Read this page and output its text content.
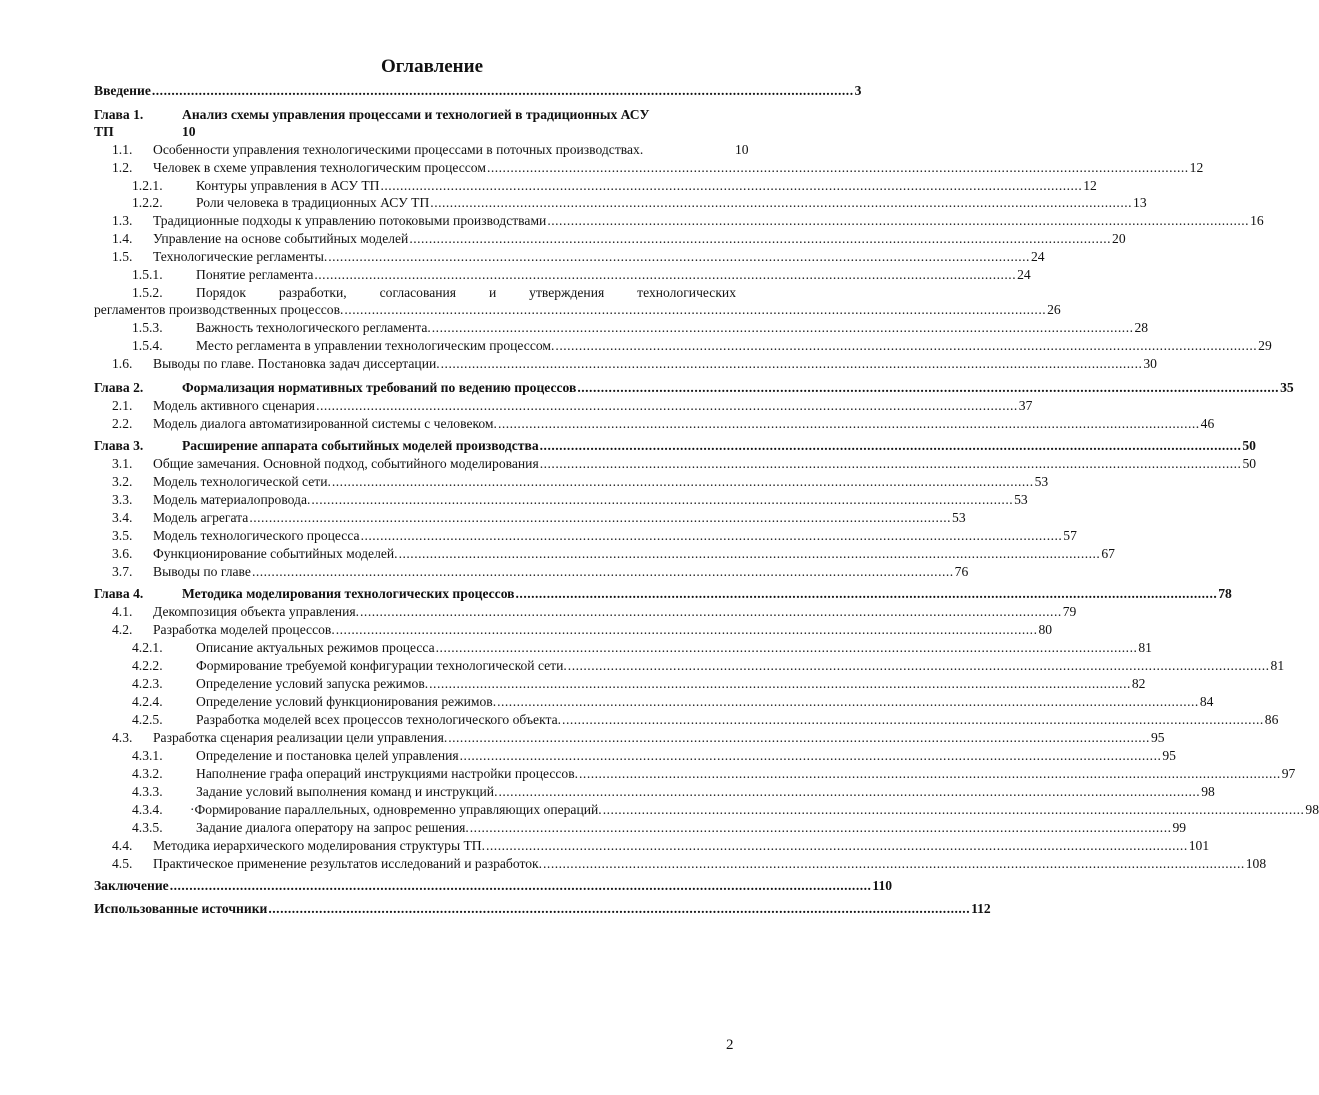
Оглавление
Введение .................................................................................................................................................................................... 3
Глава 1.	Анализ схемы управления процессами и технологией в традиционных АСУ
ТП	10
1.1. Особенности управления технологическими процессами в поточных производствах.	10
1.2. Человек в схеме управления технологическим процессом .................................................................................................................................................................................... 12
1.2.1. Контуры управления в АСУ ТП .................................................................................................................................................................................... 12
1.2.2. Роли человека в традиционных АСУ ТП .................................................................................................................................................................................... 13
1.3. Традиционные подходы к управлению потоковыми производствами .................................................................................................................................................................................... 16
1.4. Управление на основе событийных моделей .................................................................................................................................................................................... 20
1.5. Технологические регламенты. .................................................................................................................................................................................... 24
1.5.1. Понятие регламента .................................................................................................................................................................................... 24
1.5.2. Порядок разработки, согласования и утверждения технологических
регламентов производственных процессов. .................................................................................................................................................................................... 26
1.5.3. Важность технологического регламента. .................................................................................................................................................................................... 28
1.5.4. Место регламента в управлении технологическим процессом. .................................................................................................................................................................................... 29
1.6. Выводы по главе. Постановка задач диссертации. .................................................................................................................................................................................... 30
Глава 2.	Формализация нормативных требований по ведению процессов .................................................................................................................................................................................... 35
2.1. Модель активного сценария .................................................................................................................................................................................... 37
2.2. Модель диалога автоматизированной системы с человеком. .................................................................................................................................................................................... 46
Глава 3.	Расширение аппарата событийных моделей производства .................................................................................................................................................................................... 50
3.1. Общие замечания. Основной подход, событийного моделирования .................................................................................................................................................................................... 50
3.2. Модель технологической сети. .................................................................................................................................................................................... 53
3.3. Модель материалопровода. .................................................................................................................................................................................... 53
3.4. Модель агрегата .................................................................................................................................................................................... 53
3.5. Модель технологического процесса .................................................................................................................................................................................... 57
3.6. Функционирование событийных моделей. .................................................................................................................................................................................... 67
3.7. Выводы по главе .................................................................................................................................................................................... 76
Глава 4.	Методика моделирования технологических процессов .................................................................................................................................................................................... 78
4.1. Декомпозиция объекта управления. .................................................................................................................................................................................... 79
4.2. Разработка моделей процессов. .................................................................................................................................................................................... 80
4.2.1. Описание актуальных режимов процесса .................................................................................................................................................................................... 81
4.2.2. Формирование требуемой конфигурации технологической сети. .................................................................................................................................................................................... 81
4.2.3. Определение условий запуска режимов. .................................................................................................................................................................................... 82
4.2.4. Определение условий функционирования режимов. .................................................................................................................................................................................... 84
4.2.5. Разработка моделей всех процессов технологического объекта. .................................................................................................................................................................................... 86
4.3. Разработка сценария реализации цели управления. .................................................................................................................................................................................... 95
4.3.1. Определение и постановка целей управления .................................................................................................................................................................................... 95
4.3.2. Наполнение графа операций инструкциями настройки процессов. .................................................................................................................................................................................... 97
4.3.3. Задание условий выполнения команд и инструкций. .................................................................................................................................................................................... 98
4.3.4. ·Формирование параллельных, одновременно управляющих операций. .................................................................................................................................................................................... 98
4.3.5. Задание диалога оператору на запрос решения. .................................................................................................................................................................................... 99
4.4. Методика иерархического моделирования структуры ТП. .................................................................................................................................................................................... 101
4.5. Практическое применение результатов исследований и разработок. .................................................................................................................................................................................... 108
Заключение .................................................................................................................................................................................... 110
Использованные источники .................................................................................................................................................................................... 112
2
